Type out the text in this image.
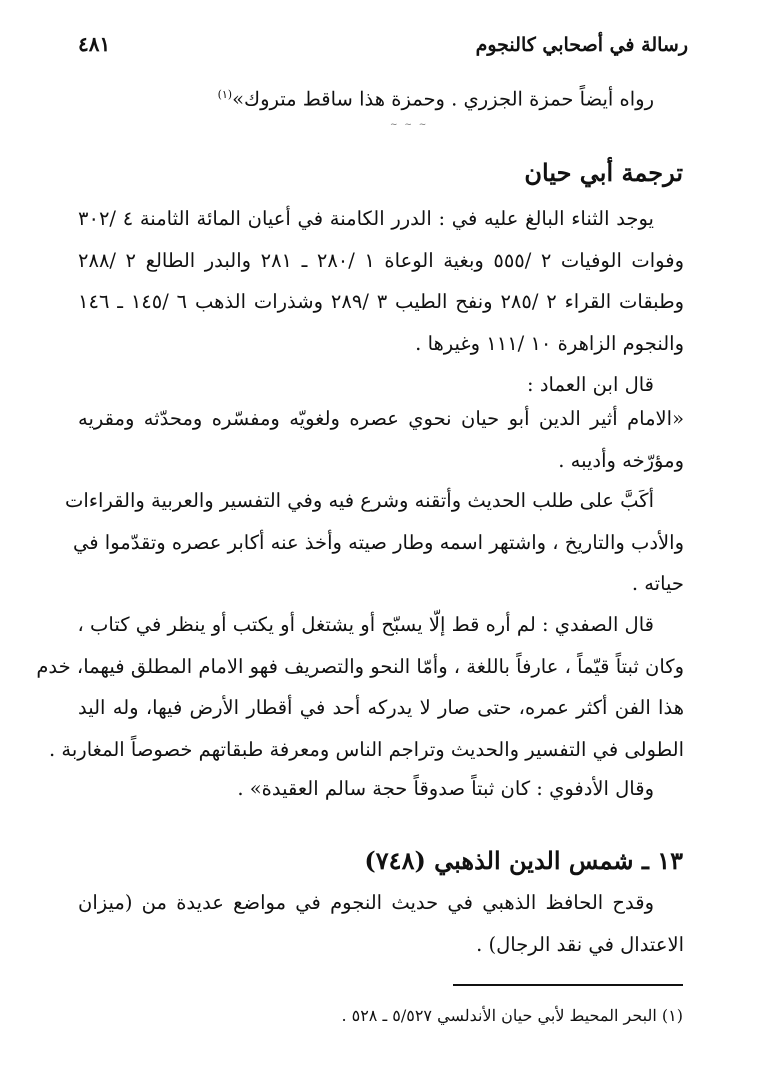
رسالة في أصحابي كالنجوم
٤٨١
رواه أيضاً حمزة الجزري . وحمزة هذا ساقط متروك»$^{(١)}$
~ ~ ~
ترجمة أبي حيان
يوجد الثناء البالغ عليه في : الدرر الكامنة في أعيان المائة الثامنة ٤ /٣٠٢
وفوات الوفيات ٢ /٥٥٥ وبغية الوعاة ١ /٢٨٠ ـ ٢٨١ والبدر الطالع ٢ /٢٨٨
وطبقات القراء ٢ /٢٨٥ ونفح الطيب ٣ /٢٨٩ وشذرات الذهب ٦ /١٤٥ ـ ١٤٦
والنجوم الزاهرة ١٠ /١١١ وغيرها .
قال ابن العماد :
«الامام أثير الدين أبو حيان نحوي عصره ولغويّه ومفسّره ومحدّثه ومقريه
ومؤرّخه وأديبه .
أكَبَّ على طلب الحديث وأتقنه وشرع فيه وفي التفسير والعربية والقراءات
والأدب والتاريخ ، واشتهر اسمه وطار صيته وأخذ عنه أكابر عصره وتقدّموا في
حياته .
قال الصفدي : لم أره قط إلّا يسبّح أو يشتغل أو يكتب أو ينظر في كتاب ،
وكان ثبتاً قيّماً ، عارفاً باللغة ، وأمّا النحو والتصريف فهو الامام المطلق فيهما، خدم
هذا الفن أكثر عمره، حتى صار لا يدركه أحد في أقطار الأرض فيها، وله اليد
الطولى في التفسير والحديث وتراجم الناس ومعرفة طبقاتهم خصوصاً المغاربة .
وقال الأدفوي : كان ثبتاً صدوقاً حجة سالم العقيدة» .
١٣ ـ شمس الدين الذهبي (٧٤٨)
وقدح الحافظ الذهبي في حديث النجوم في مواضع عديدة من (ميزان
الاعتدال في نقد الرجال) .
(١) البحر المحيط لأبي حيان الأندلسي ٥/٥٢٧ ـ ٥٢٨ .
